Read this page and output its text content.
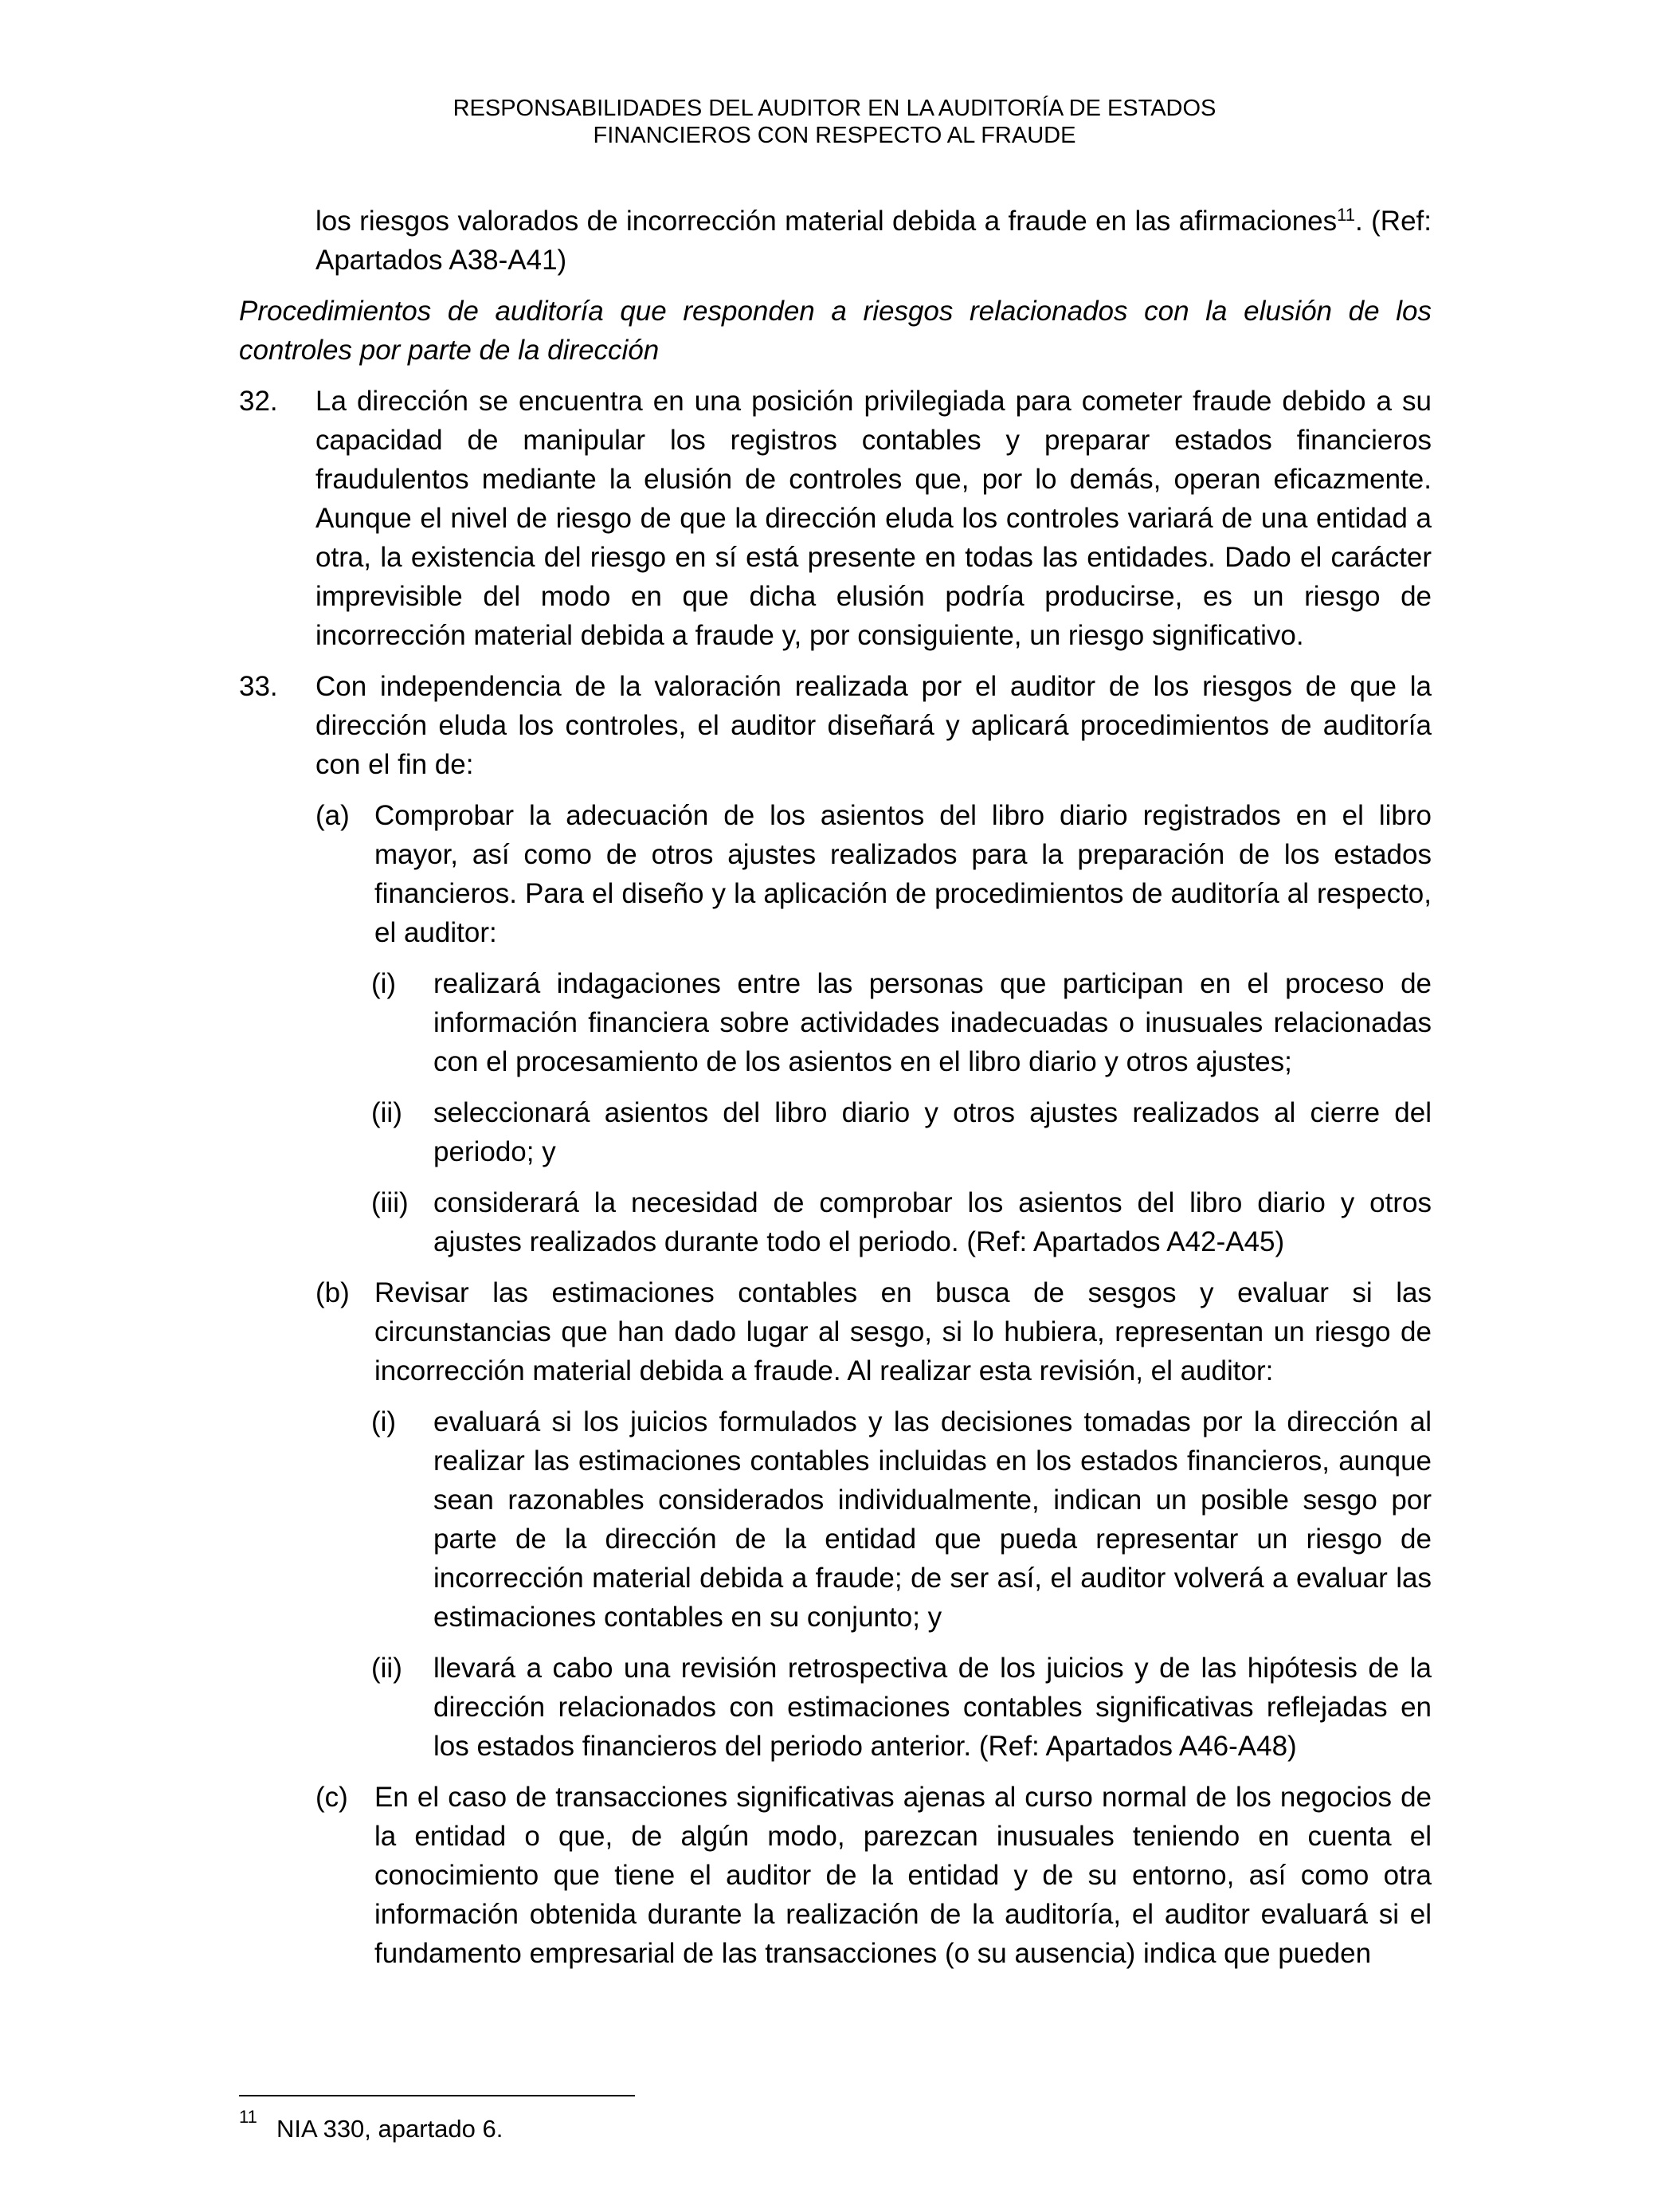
RESPONSABILIDADES DEL AUDITOR EN LA AUDITORÍA DE ESTADOS
FINANCIEROS CON RESPECTO AL FRAUDE

los riesgos valorados de incorrección material debida a fraude en las afirmaciones$^{11}$. (Ref: Apartados A38-A41)

Procedimientos de auditoría que responden a riesgos relacionados con la elusión de los controles por parte de la dirección

32. La dirección se encuentra en una posición privilegiada para cometer fraude debido a su capacidad de manipular los registros contables y preparar estados financieros fraudulentos mediante la elusión de controles que, por lo demás, operan eficazmente. Aunque el nivel de riesgo de que la dirección eluda los controles variará de una entidad a otra, la existencia del riesgo en sí está presente en todas las entidades. Dado el carácter imprevisible del modo en que dicha elusión podría producirse, es un riesgo de incorrección material debida a fraude y, por consiguiente, un riesgo significativo.

33. Con independencia de la valoración realizada por el auditor de los riesgos de que la dirección eluda los controles, el auditor diseñará y aplicará procedimientos de auditoría con el fin de:

(a) Comprobar la adecuación de los asientos del libro diario registrados en el libro mayor, así como de otros ajustes realizados para la preparación de los estados financieros. Para el diseño y la aplicación de procedimientos de auditoría al respecto, el auditor:

(i) realizará indagaciones entre las personas que participan en el proceso de información financiera sobre actividades inadecuadas o inusuales relacionadas con el procesamiento de los asientos en el libro diario y otros ajustes;

(ii) seleccionará asientos del libro diario y otros ajustes realizados al cierre del periodo; y

(iii) considerará la necesidad de comprobar los asientos del libro diario y otros ajustes realizados durante todo el periodo. (Ref: Apartados A42-A45)

(b) Revisar las estimaciones contables en busca de sesgos y evaluar si las circunstancias que han dado lugar al sesgo, si lo hubiera, representan un riesgo de incorrección material debida a fraude. Al realizar esta revisión, el auditor:

(i) evaluará si los juicios formulados y las decisiones tomadas por la dirección al realizar las estimaciones contables incluidas en los estados financieros, aunque sean razonables considerados individualmente, indican un posible sesgo por parte de la dirección de la entidad que pueda representar un riesgo de incorrección material debida a fraude; de ser así, el auditor volverá a evaluar las estimaciones contables en su conjunto; y

(ii) llevará a cabo una revisión retrospectiva de los juicios y de las hipótesis de la dirección relacionados con estimaciones contables significativas reflejadas en los estados financieros del periodo anterior. (Ref: Apartados A46-A48)

(c) En el caso de transacciones significativas ajenas al curso normal de los negocios de la entidad o que, de algún modo, parezcan inusuales teniendo en cuenta el conocimiento que tiene el auditor de la entidad y de su entorno, así como otra información obtenida durante la realización de la auditoría, el auditor evaluará si el fundamento empresarial de las transacciones (o su ausencia) indica que pueden

11 NIA 330, apartado 6.
